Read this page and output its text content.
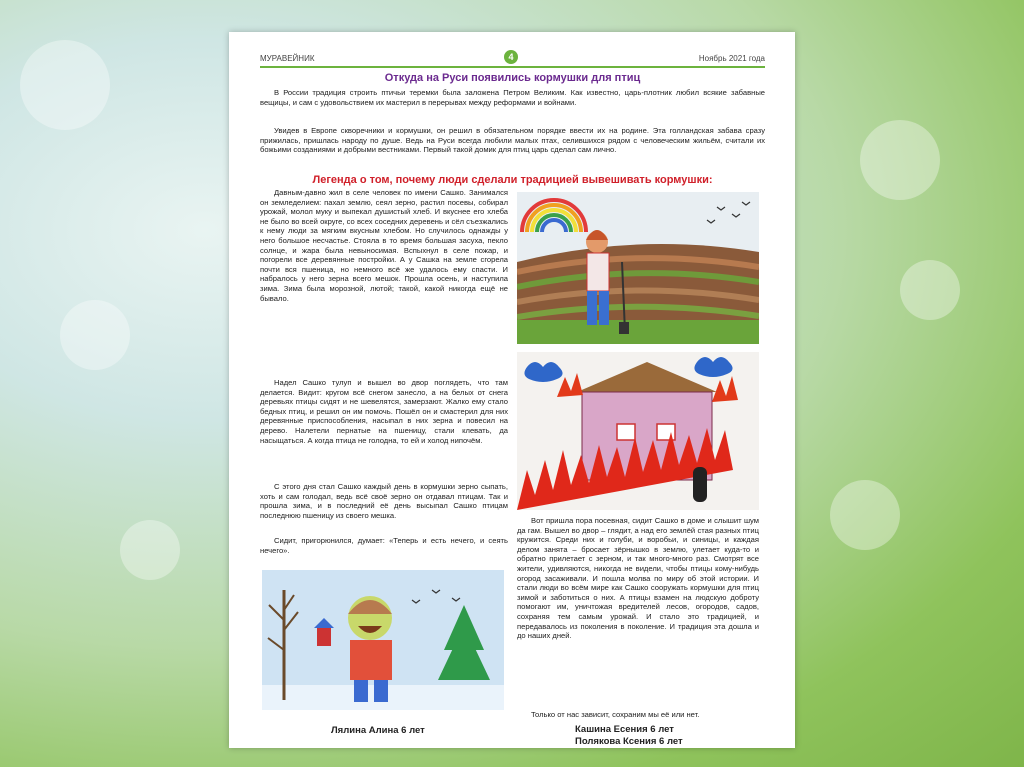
МУРАВЕЙНИК	4	Ноябрь 2021 года
Откуда на Руси появились кормушки для птиц

В России традиция строить птичьи теремки была заложена Петром Великим. Как известно, царь-плотник любил всякие забавные вещицы, и сам с удовольствием их мастерил в перерывах между реформами и войнами.

Увидев в Европе скворечники и кормушки, он решил в обязательном порядке ввести их на родине. Эта голландская забава сразу прижилась, пришлась народу по душе. Ведь на Руси всегда любили малых птах, селившихся рядом с человеческим жильём, считали их божьими созданиями и добрыми вестниками. Первый такой домик для птиц царь сделал сам лично.

Легенда о том, почему люди сделали традицией вывешивать кормушки:

Давным-давно жил в селе человек по имени Сашко. Занимался он земледелием: пахал землю, сеял зерно, растил посевы, собирал урожай, молол муку и выпекал душистый хлеб. И вкуснее его хлеба не было во всей округе, со всех соседних деревень и сёл съезжались к нему люди за мягким вкусным хлебом. Но случилось однажды у него большое несчастье. Стояла в то время большая засуха, пекло солнце, и жара была невыносимая. Вспыхнул в селе пожар, и погорели все деревянные постройки. А у Сашка на земле сгорела почти вся пшеница, но немного всё же удалось ему спасти. И набралось у него зерна всего мешок. Прошла осень, и наступила зима. Зима была морозной, лютой; такой, какой никогда ещё не бывало.

Надел Сашко тулуп и вышел во двор поглядеть, что там делается. Видит: кругом всё снегом занесло, а на белых от снега деревьях птицы сидят и не шевелятся, замерзают. Жалко ему стало бедных птиц, и решил он им помочь. Пошёл он и смастерил для них деревянные приспособления, насыпал в них зерна и повесил на дерево. Налетели пернатые на пшеницу, стали клевать, да насыщаться. А когда птица не голодна, то ей и холод нипочём.

С этого дня стал Сашко каждый день в кормушки зерно сыпать, хоть и сам голодал, ведь всё своё зерно он отдавал птицам. Так и прошла зима, и в последний её день высыпал Сашко птицам последнюю пшеницу из своего мешка.

Сидит, пригорюнился, думает: «Теперь и есть нечего, и сеять нечего».

Вот пришла пора посевная, сидит Сашко в доме и слышит шум да гам. Вышел во двор – глядит, а над его землёй стая разных птиц кружится. Среди них и голуби, и воробьи, и синицы, и каждая делом занята – бросает зёрнышко в землю, улетает куда-то и обратно прилетает с зерном, и так много-много раз. Смотрят все жители, удивляются, никогда не видели, чтобы птицы кому-нибудь огород засаживали. И пошла молва по миру об этой истории. И стали люди во всём мире как Сашко сооружать кормушки для птиц зимой и заботиться о них. А птицы взамен на людскую доброту помогают им, уничтожая вредителей лесов, огородов, садов, сохраняя тем самым урожай. И стало это традицией, и передавалось из поколения в поколение. И традиция эта дошла и до наших дней.

Только от нас зависит, сохраним мы её или нет.

Лялина Алина 6 лет	Кашина Есения 6 лет
Полякова Ксения 6 лет
